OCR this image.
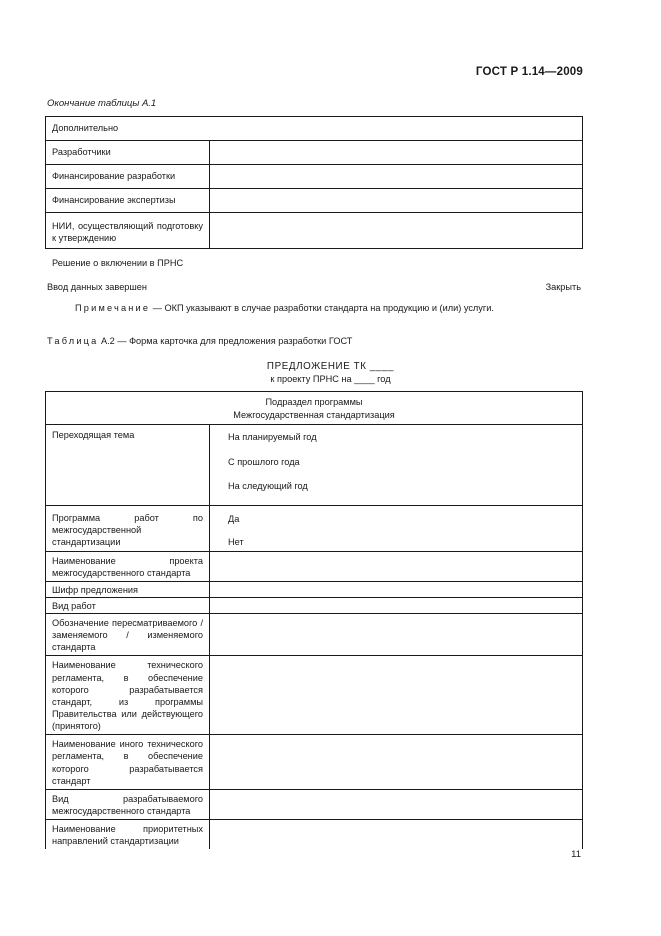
ГОСТ Р 1.14—2009
Окончание таблицы А.1
Дополнительно	
Разработчики	
Финансирование разработки	
Финансирование экспертизы	
НИИ, осуществляющий подготовку к утверждению	
Решение о включении в ПРНС
Ввод данных завершен	Закрыть
Примечание — ОКП указывают в случае разработки стандарта на продукцию и (или) услуги.
Таблица А.2 — Форма карточка для предложения разработки ГОСТ
ПРЕДЛОЖЕНИЕ ТК ____
к проекту ПРНС на ____ год
Подраздел программы
Межгосударственная стандартизация	

Переходящая тема	На планируемый год
С прошлого года
На следующий год

Программа работ по межгосударственной стандартизации	Да
Нет

Наименование проекта межгосударственного стандарта	
Шифр предложения	
Вид работ	
Обозначение пересматриваемого / заменяемого / изменяемого стандарта	
Наименование технического регламента, в обеспечение которого разрабатывается стандарт, из программы Правительства или действующего (принятого)	
Наименование иного технического регламента, в обеспечение которого разрабатывается стандарт	
Вид разрабатываемого межгосударственного стандарта	
Наименование приоритетных направлений стандартизации	
11
